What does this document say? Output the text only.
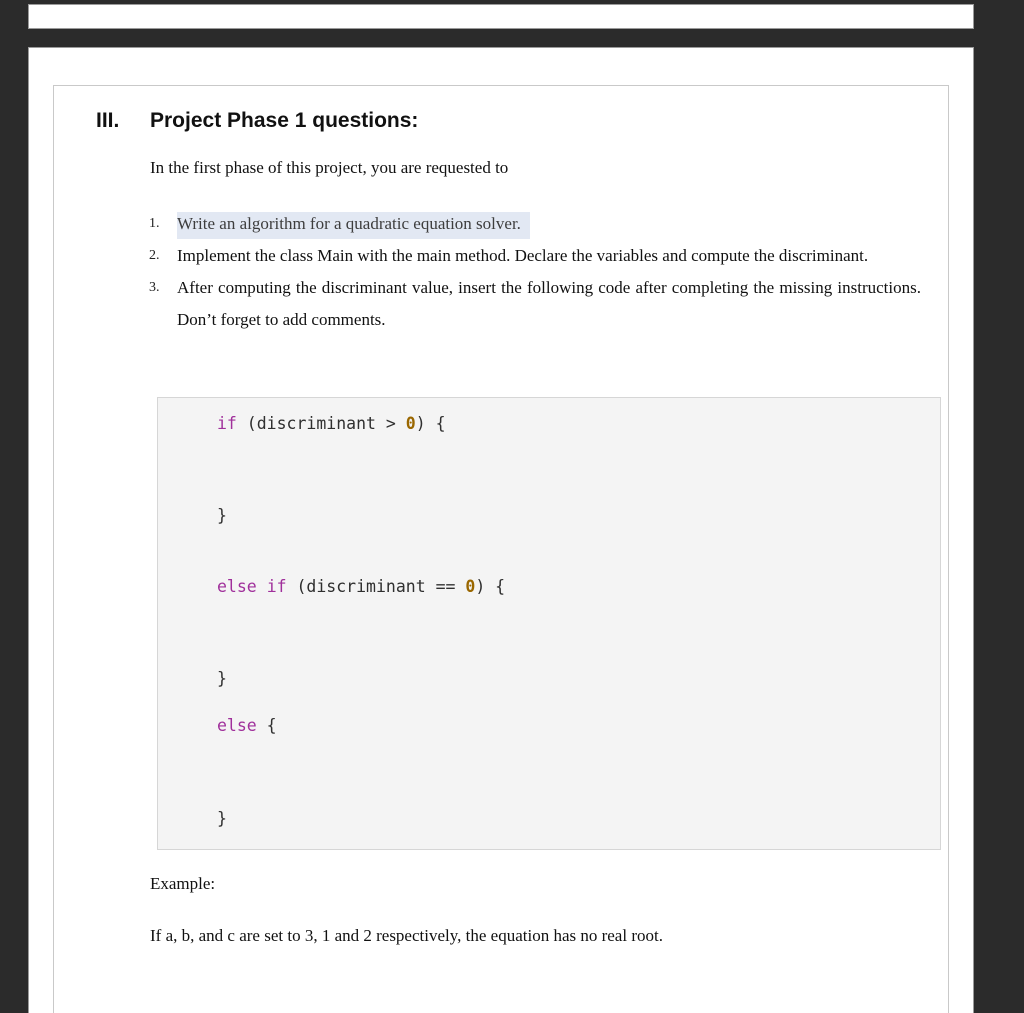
III. Project Phase 1 questions:
In the first phase of this project, you are requested to
1. Write an algorithm for a quadratic equation solver.
2. Implement the class Main with the main method. Declare the variables and compute the discriminant.
3. After computing the discriminant value, insert the following code after completing the missing instructions. Don’t forget to add comments.
if (discriminant > 0) {
}
else if (discriminant == 0) {
}
else {
}
Example:
If a, b, and c are set to 3, 1 and 2 respectively, the equation has no real root.
